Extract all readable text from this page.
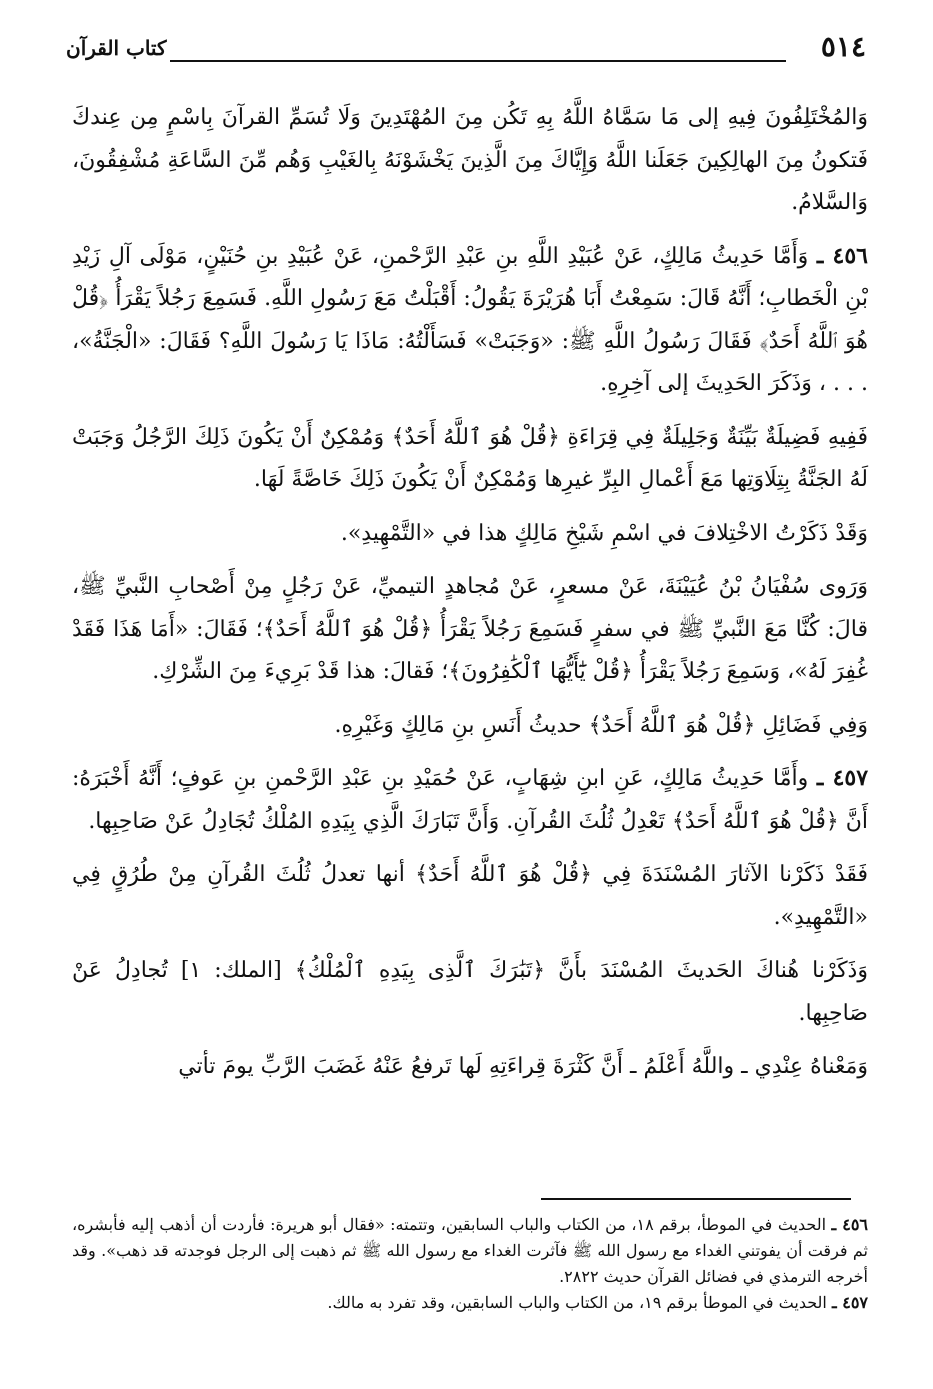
٥١٤
كتاب القرآن

وَالمُخْتَلِفُونَ فِيهِ إلى مَا سَمَّاهُ اللَّهُ بِهِ تَكُن مِنَ المُهْتَدِينَ وَلَا تُسَمِّ القرآنَ بِاسْمٍ مِن عِندكَ فَتكونُ مِنَ الهالِكِينَ جَعَلَنا اللَّهُ وَإِيَّاكَ مِنَ الَّذِينَ يَخْشَوْنَهُ بِالغَيْبِ وَهُم مِّنَ السَّاعَةِ مُشْفِقُونَ، وَالسَّلامُ.

٤٥٦ ـ وَأَمَّا حَدِيثُ مَالِكٍ، عَنْ عُبَيْدِ اللَّهِ بنِ عَبْدِ الرَّحْمنِ، عَنْ عُبَيْدِ بنِ حُنَيْنٍ، مَوْلَى آلِ زَيْدِ بْنِ الْخَطابِ؛ أَنَّهُ قَالَ: سَمِعْتُ أَبَا هُرَيْرَةَ يَقُولُ: أَقْبَلْتُ مَعَ رَسُولِ اللَّهِ. فَسَمِعَ رَجُلاً يَقْرَأُ ﴿قُلْ هُوَ ٱللَّهُ أَحَدٌ﴾ فَقَالَ رَسُولُ اللَّهِ ﷺ: «وَجَبَتْ» فَسَأَلْتُهُ: مَاذَا يَا رَسُولَ اللَّهِ؟ فَقَالَ: «الْجَنَّةُ»، . . . ، وَذَكَرَ الحَدِيثَ إلى آخِرِهِ.

فَفِيهِ فَضِيلَةٌ بَيِّنَةٌ وَجَلِيلَةٌ فِي قِرَاءَةِ ﴿قُلْ هُوَ ٱللَّهُ أَحَدٌ﴾ وَمُمْكِنٌ أَنْ يَكُونَ ذَلِكَ الرَّجُلُ وَجَبَتْ لَهُ الجَنَّةُ بِتِلَاوَتِها مَعَ أَعْمالِ البِرِّ غيرِها وَمُمْكِنٌ أَنْ يَكُونَ ذَلِكَ خَاصَّةً لَهَا.

وَقَدْ ذَكَرْتُ الاخْتِلافَ في اسْمِ شَيْخِ مَالِكٍ هذا في «التَّمْهِيدِ».

وَرَوى سُفْيَانُ بْنُ عُيَيْنَةَ، عَنْ مسعرٍ، عَنْ مُجاهدٍ التيميِّ، عَنْ رَجُلٍ مِنْ أَصْحابِ النَّبيِّ ﷺ، قالَ: كُنَّا مَعَ النَّبيِّ ﷺ في سفرٍ فَسَمِعَ رَجُلاً يَقْرَأُ ﴿قُلْ هُوَ ٱللَّهُ أَحَدٌ﴾؛ فَقَالَ: «أَمَا هَذَا فَقَدْ غُفِرَ لَهُ»، وَسَمِعَ رَجُلاً يَقْرَأُ ﴿قُلْ يَٰٓأَيُّهَا ٱلْكَٰفِرُونَ﴾؛ فَقالَ: هذا قَدْ بَرِيءَ مِنَ الشِّرْكِ.

وَفِي فَضَائِلِ ﴿قُلْ هُوَ ٱللَّهُ أَحَدٌ﴾ حديثُ أَنَسِ بنِ مَالِكٍ وَغَيْرِهِ.

٤٥٧ ـ وأَمَّا حَدِيثُ مَالِكٍ، عَنِ ابنِ شِهَابٍ، عَنْ حُمَيْدِ بنِ عَبْدِ الرَّحْمنِ بنِ عَوفٍ؛ أَنَّهُ أَخْبَرَهُ: أَنَّ ﴿قُلْ هُوَ ٱللَّهُ أَحَدٌ﴾ تَعْدِلُ ثُلُثَ القُرآنِ. وَأَنَّ تَبَارَكَ الَّذِي بِيَدِهِ المُلْكُ تُجَادِلُ عَنْ صَاحِبِها.

فَقَدْ ذَكَرْنا الآثارَ المُسْنَدَةَ فِي ﴿قُلْ هُوَ ٱللَّهُ أَحَدٌ﴾ أنها تعدلُ ثُلُثَ القُرآنِ مِنْ طُرُقٍ فِي «التَّمْهِيدِ».

وَذَكَرْنا هُناكَ الحَديثَ المُسْنَدَ بأَنَّ ﴿تَبَٰرَكَ ٱلَّذِى بِيَدِهِ ٱلْمُلْكُ﴾ [الملك: ١] تُجادِلُ عَنْ صَاحِبِها.

وَمَعْناهُ عِنْدِي ـ واللَّهُ أَعْلَمُ ـ أَنَّ كَثْرَةَ قِراءَتِهِ لَها تَرفعُ عَنْهُ غَضَبَ الرَّبِّ يومَ تأتي

٤٥٦ ـ الحديث في الموطأ، برقم ١٨، من الكتاب والباب السابقين، وتتمته: «فقال أبو هريرة: فأردت أن أذهب إليه فأبشره، ثم فرقت أن يفوتني الغداء مع رسول الله ﷺ فآثرت الغداء مع رسول الله ﷺ ثم ذهبت إلى الرجل فوجدته قد ذهب». وقد أخرجه الترمذي في فضائل القرآن حديث ٢٨٢٢.

٤٥٧ ـ الحديث في الموطأ برقم ١٩، من الكتاب والباب السابقين، وقد تفرد به مالك.
